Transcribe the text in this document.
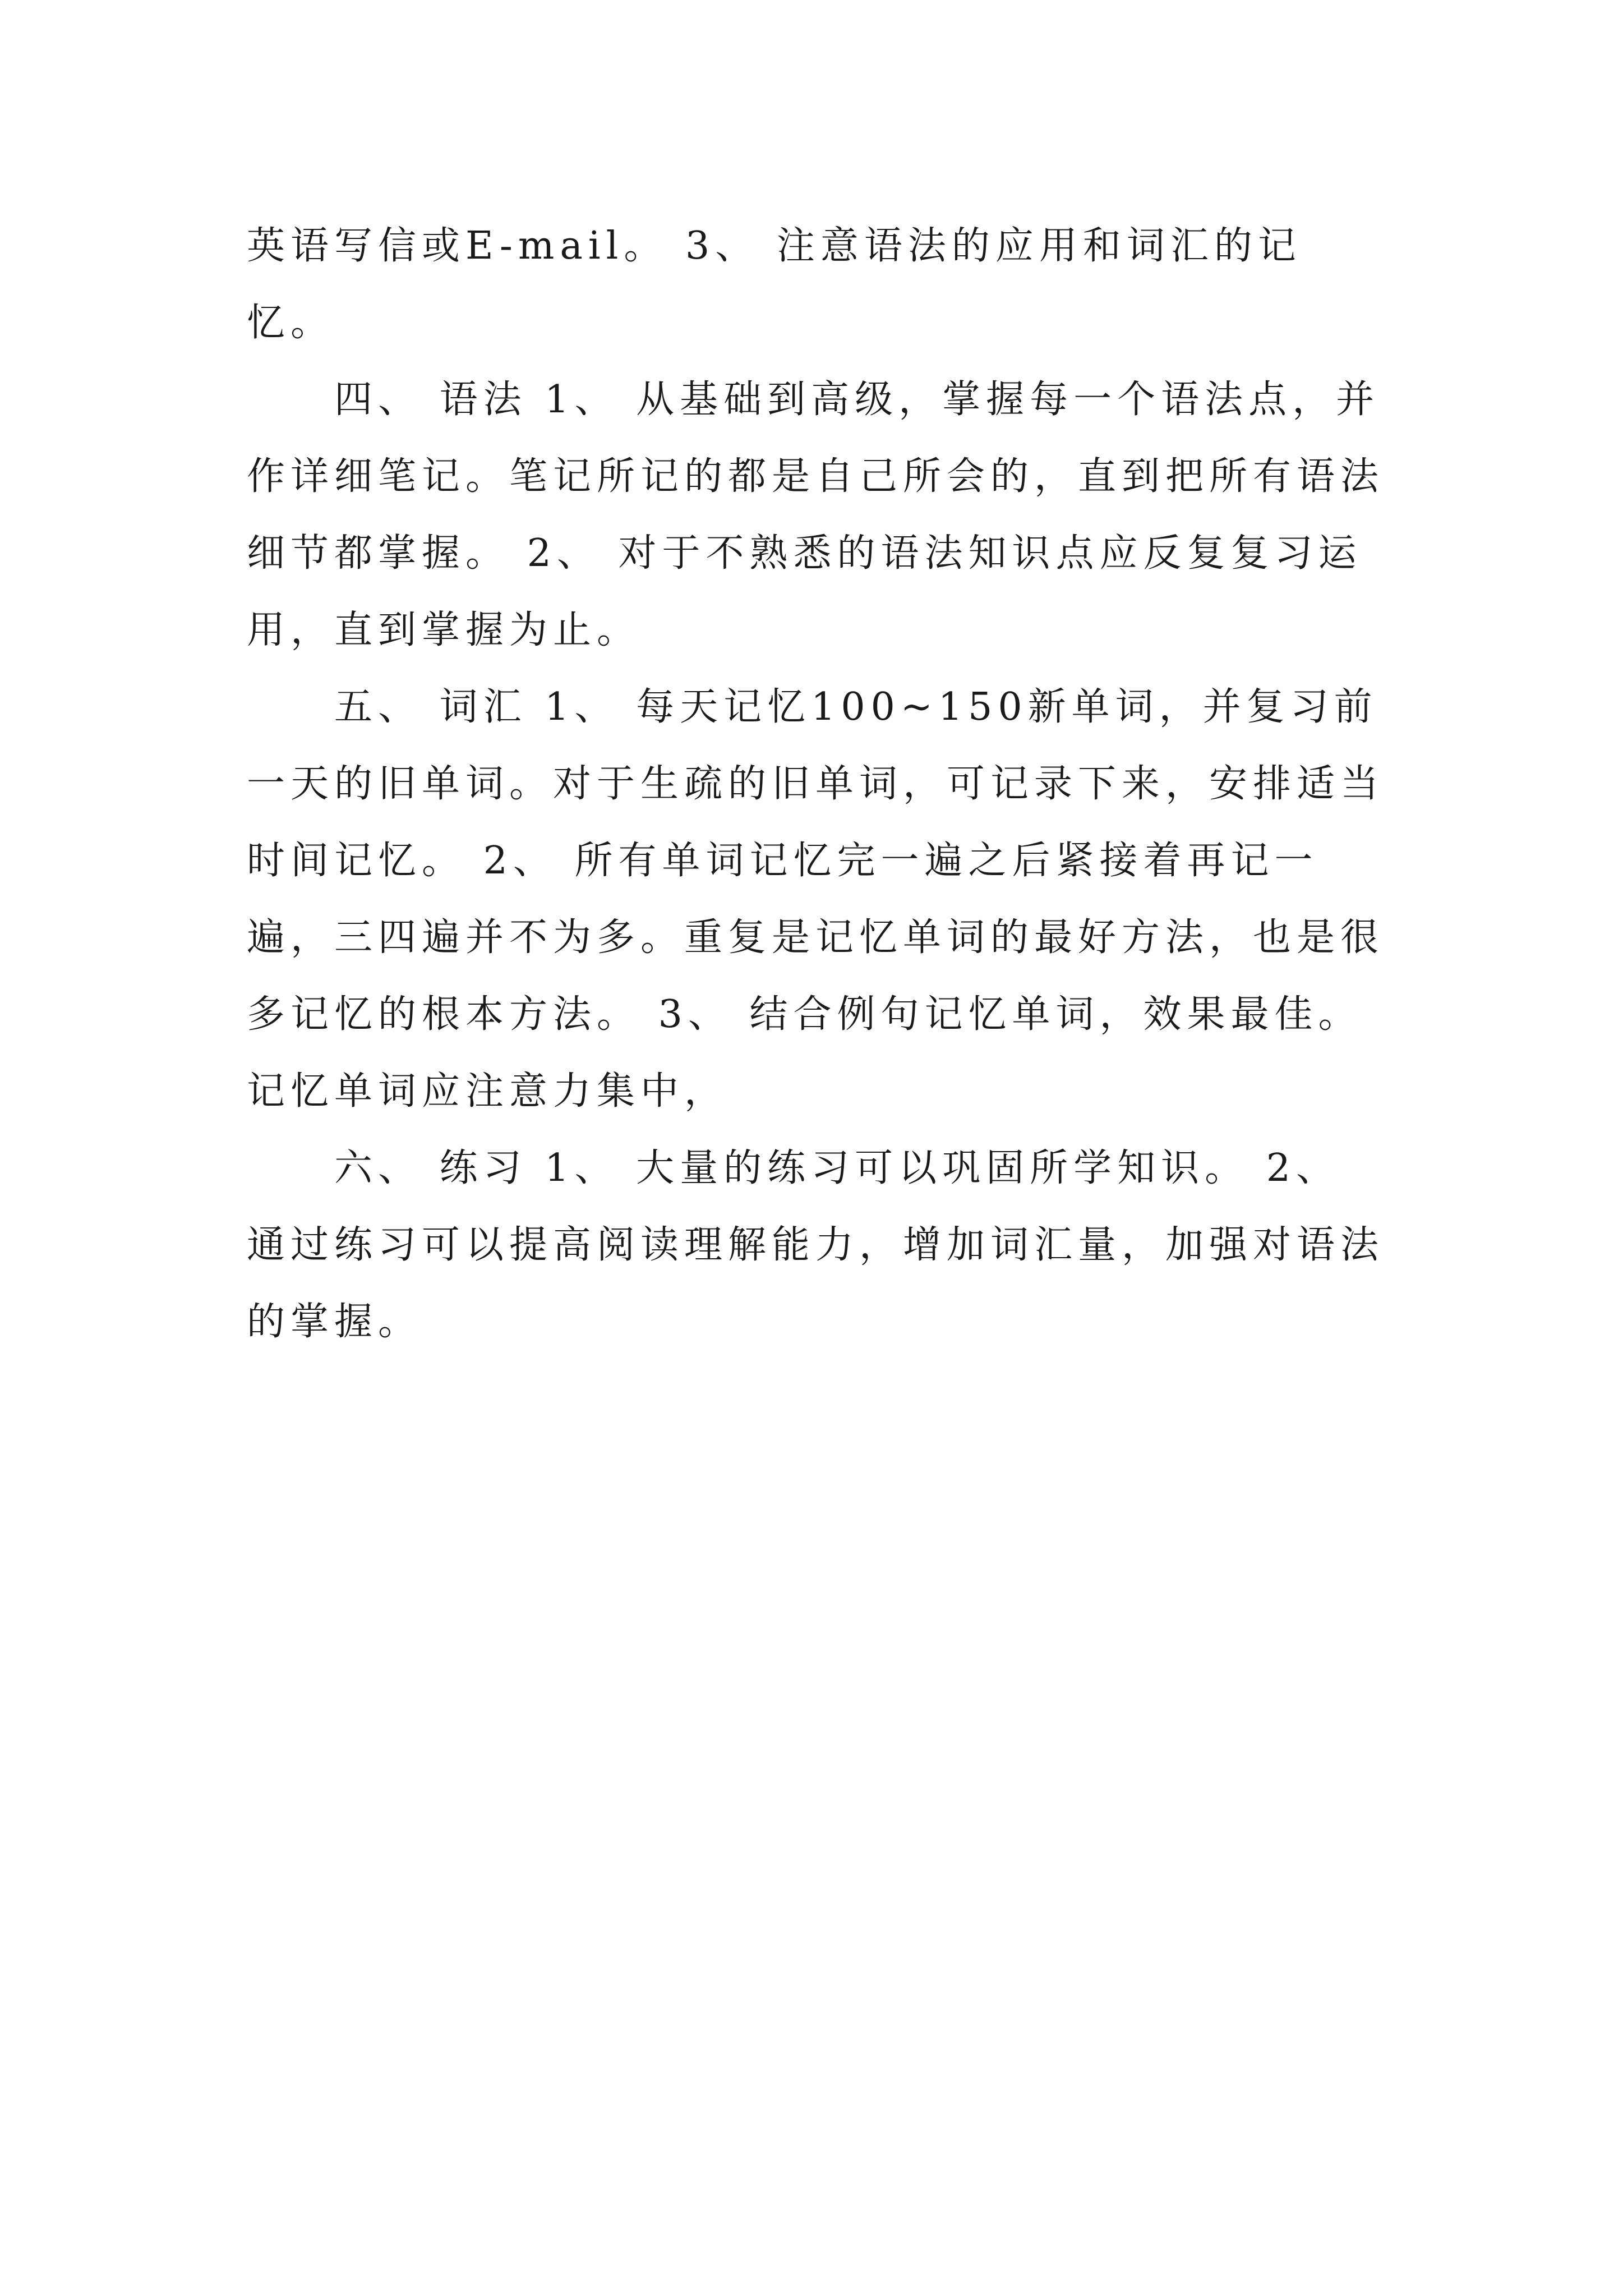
英语写信或E-mail。 3、 注意语法的应用和词汇的记忆。

四、 语法 1、 从基础到高级，掌握每一个语法点，并作详细笔记。笔记所记的都是自己所会的，直到把所有语法细节都掌握。 2、 对于不熟悉的语法知识点应反复复习运用，直到掌握为止。

五、 词汇 1、 每天记忆100~150新单词，并复习前一天的旧单词。对于生疏的旧单词，可记录下来，安排适当时间记忆。 2、 所有单词记忆完一遍之后紧接着再记一遍，三四遍并不为多。重复是记忆单词的最好方法，也是很多记忆的根本方法。 3、 结合例句记忆单词，效果最佳。记忆单词应注意力集中，

六、 练习 1、 大量的练习可以巩固所学知识。 2、 通过练习可以提高阅读理解能力，增加词汇量，加强对语法的掌握。
